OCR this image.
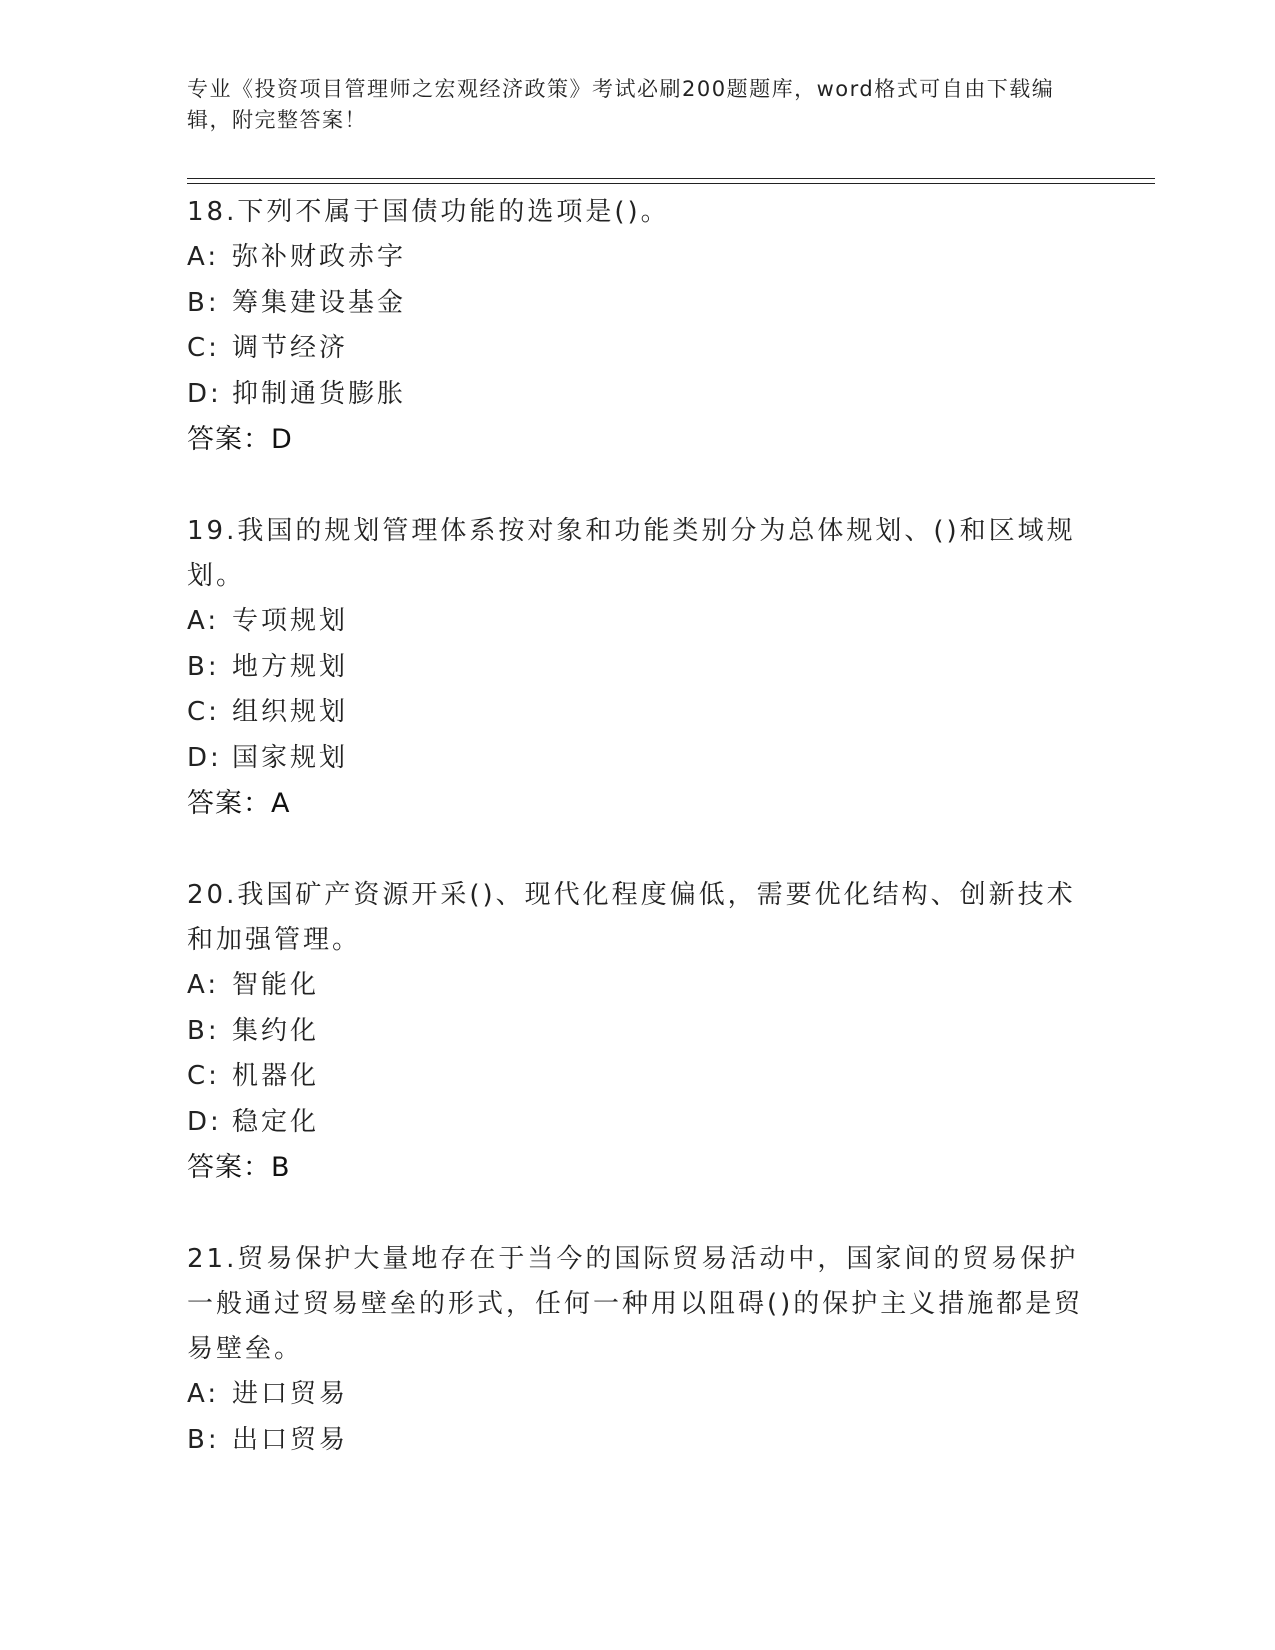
专业《投资项目管理师之宏观经济政策》考试必刷200题题库，word格式可自由下载编辑，附完整答案！
18.下列不属于国债功能的选项是()。
A: 弥补财政赤字
B: 筹集建设基金
C: 调节经济
D: 抑制通货膨胀
答案：D
19.我国的规划管理体系按对象和功能类别分为总体规划、()和区域规划。
A: 专项规划
B: 地方规划
C: 组织规划
D: 国家规划
答案：A
20.我国矿产资源开采()、现代化程度偏低，需要优化结构、创新技术和加强管理。
A: 智能化
B: 集约化
C: 机器化
D: 稳定化
答案：B
21.贸易保护大量地存在于当今的国际贸易活动中，国家间的贸易保护一般通过贸易壁垒的形式，任何一种用以阻碍()的保护主义措施都是贸易壁垒。
A: 进口贸易
B: 出口贸易
